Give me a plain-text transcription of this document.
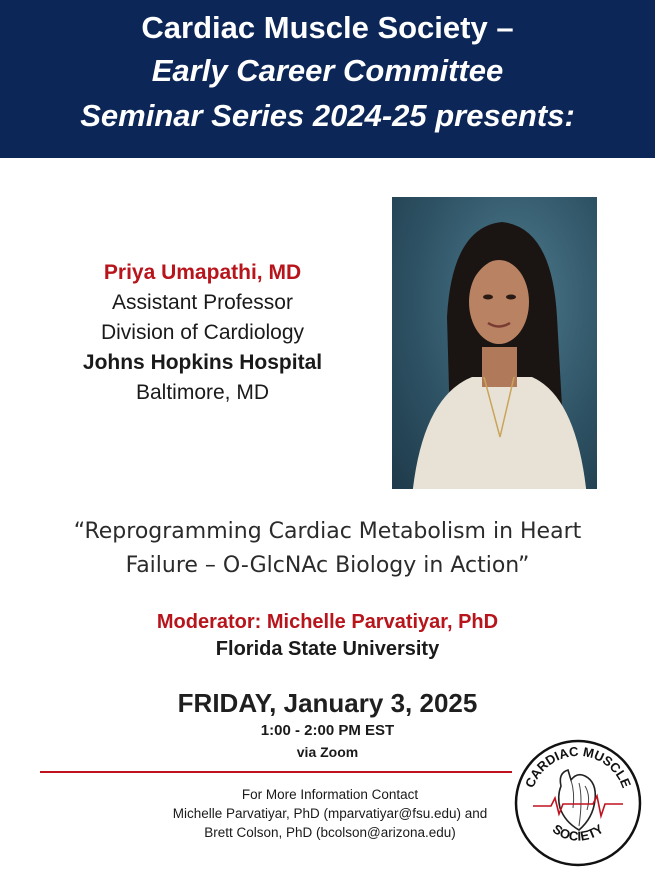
Cardiac Muscle Society –
Early Career Committee
Seminar Series 2024-25 presents:
Priya Umapathi, MD
Assistant Professor
Division of Cardiology
Johns Hopkins Hospital
Baltimore, MD
“Reprogramming Cardiac Metabolism in Heart
Failure – O-GlcNAc Biology in Action”
Moderator: Michelle Parvatiyar, PhD
Florida State University
FRIDAY, January 3, 2025
1:00 - 2:00 PM EST
via Zoom
For More Information Contact
Michelle Parvatiyar, PhD (mparvatiyar@fsu.edu) and
Brett Colson, PhD (bcolson@arizona.edu)
CARDIAC MUSCLE
SOCIETY
